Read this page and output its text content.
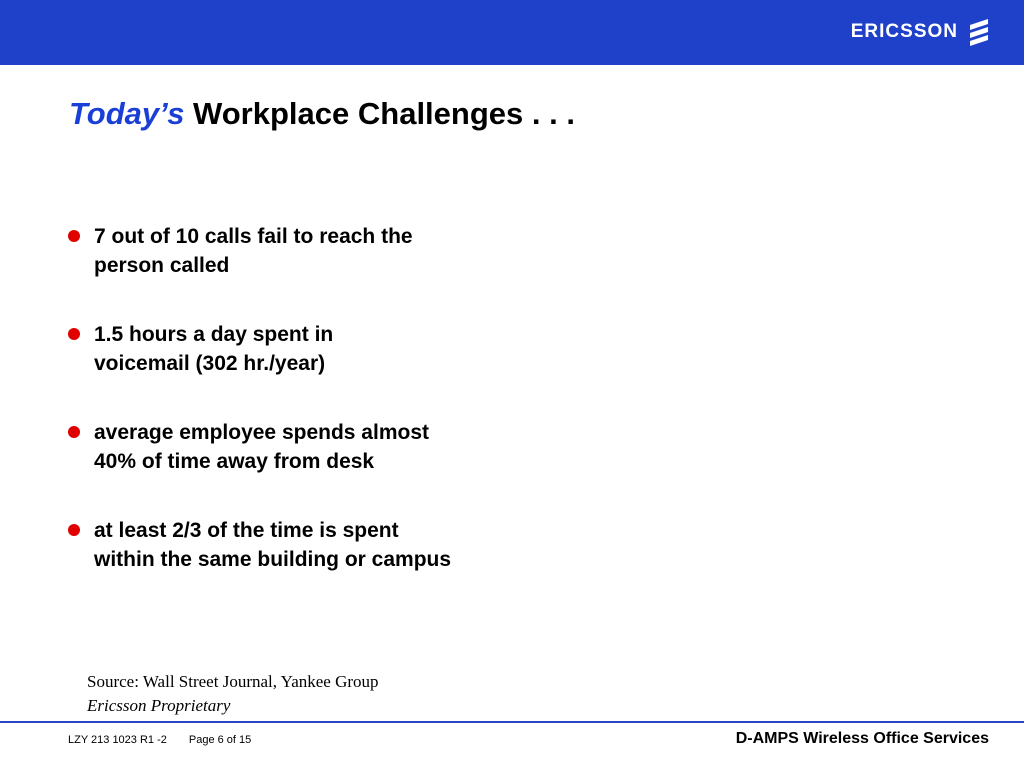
ERICSSON
Today’s Workplace Challenges . . .
7 out of 10 calls fail to reach the person called
1.5 hours a day spent in voicemail (302 hr./year)
average employee spends almost 40% of time away from desk
at least 2/3 of the time is spent within the same building or campus
Source: Wall Street Journal, Yankee Group
Ericsson Proprietary
LZY 213 1023 R1 -2 Page 6 of 15	D-AMPS Wireless Office Services
